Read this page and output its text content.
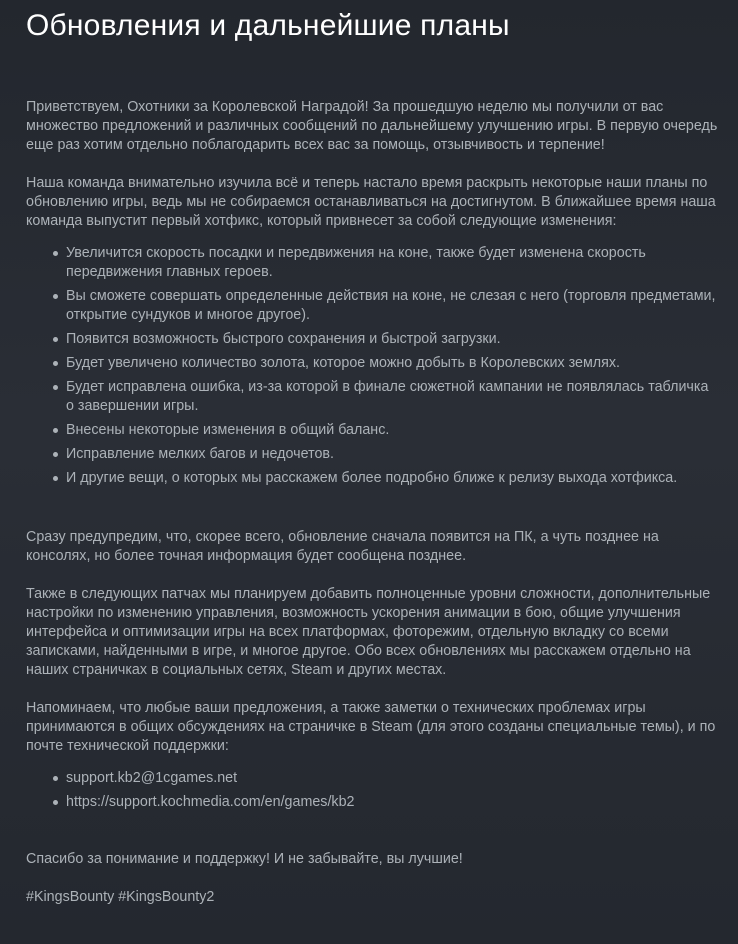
Обновления и дальнейшие планы

Приветствуем, Охотники за Королевской Наградой! За прошедшую неделю мы получили от вас множество предложений и различных сообщений по дальнейшему улучшению игры. В первую очередь еще раз хотим отдельно поблагодарить всех вас за помощь, отзывчивость и терпение!

Наша команда внимательно изучила всё и теперь настало время раскрыть некоторые наши планы по обновлению игры, ведь мы не собираемся останавливаться на достигнутом. В ближайшее время наша команда выпустит первый хотфикс, который привнесет за собой следующие изменения:

Увеличится скорость посадки и передвижения на коне, также будет изменена скорость передвижения главных героев.
Вы сможете совершать определенные действия на коне, не слезая с него (торговля предметами, открытие сундуков и многое другое).
Появится возможность быстрого сохранения и быстрой загрузки.
Будет увеличено количество золота, которое можно добыть в Королевских землях.
Будет исправлена ошибка, из-за которой в финале сюжетной кампании не появлялась табличка о завершении игры.
Внесены некоторые изменения в общий баланс.
Исправление мелких багов и недочетов.
И другие вещи, о которых мы расскажем более подробно ближе к релизу выхода хотфикса.

Сразу предупредим, что, скорее всего, обновление сначала появится на ПК, а чуть позднее на консолях, но более точная информация будет сообщена позднее.

Также в следующих патчах мы планируем добавить полноценные уровни сложности, дополнительные настройки по изменению управления, возможность ускорения анимации в бою, общие улучшения интерфейса и оптимизации игры на всех платформах, фоторежим, отдельную вкладку со всеми записками, найденными в игре, и многое другое. Обо всех обновлениях мы расскажем отдельно на наших страничках в социальных сетях, Steam и других местах.

Напоминаем, что любые ваши предложения, а также заметки о технических проблемах игры принимаются в общих обсуждениях на страничке в Steam (для этого созданы специальные темы), и по почте технической поддержки:

support.kb2@1cgames.net
https://support.kochmedia.com/en/games/kb2

Спасибо за понимание и поддержку! И не забывайте, вы лучшие!

#KingsBounty #KingsBounty2
